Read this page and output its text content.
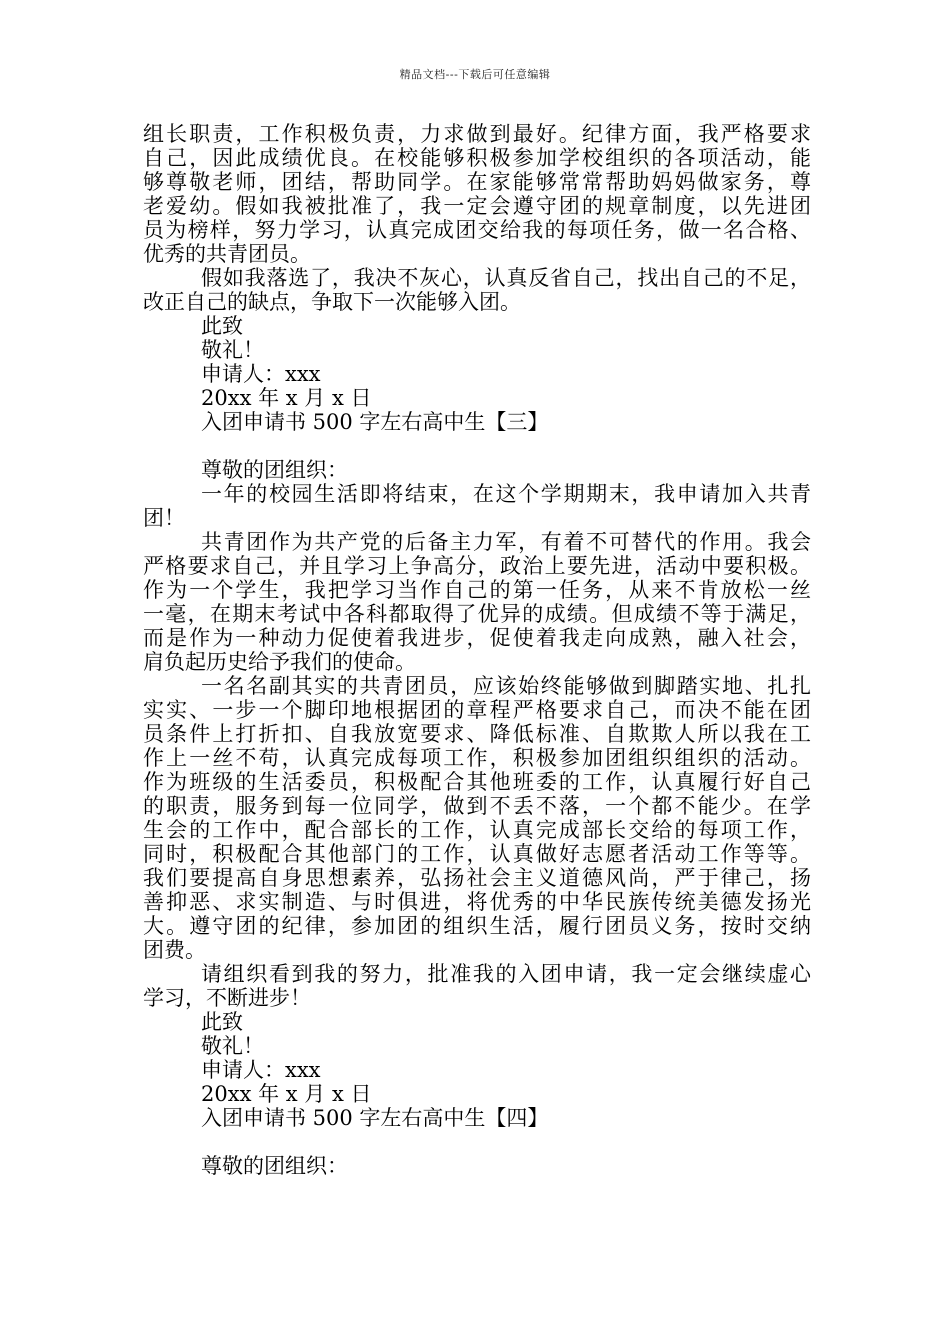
精品文档---下载后可任意编辑
组长职责，工作积极负责，力求做到最好。纪律方面，我严格要求
自己，因此成绩优良。在校能够积极参加学校组织的各项活动，能
够尊敬老师，团结，帮助同学。在家能够常常帮助妈妈做家务，尊
老爱幼。假如我被批准了，我一定会遵守团的规章制度，以先进团
员为榜样，努力学习，认真完成团交给我的每项任务，做一名合格、
优秀的共青团员。
假如我落选了，我决不灰心，认真反省自己，找出自己的不足，
改正自己的缺点，争取下一次能够入团。
此致
敬礼！
申请人：xxx
20xx 年 x 月 x 日
入团申请书 500 字左右高中生【三】
尊敬的团组织：
一年的校园生活即将结束，在这个学期期末，我申请加入共青
团！
共青团作为共产党的后备主力军，有着不可替代的作用。我会
严格要求自己，并且学习上争高分，政治上要先进，活动中要积极。
作为一个学生，我把学习当作自己的第一任务，从来不肯放松一丝
一毫，在期末考试中各科都取得了优异的成绩。但成绩不等于满足，
而是作为一种动力促使着我进步，促使着我走向成熟，融入社会，
肩负起历史给予我们的使命。
一名名副其实的共青团员，应该始终能够做到脚踏实地、扎扎
实实、一步一个脚印地根据团的章程严格要求自己，而决不能在团
员条件上打折扣、自我放宽要求、降低标准、自欺欺人所以我在工
作上一丝不苟，认真完成每项工作，积极参加团组织组织的活动。
作为班级的生活委员，积极配合其他班委的工作，认真履行好自己
的职责，服务到每一位同学，做到不丢不落，一个都不能少。在学
生会的工作中，配合部长的工作，认真完成部长交给的每项工作，
同时，积极配合其他部门的工作，认真做好志愿者活动工作等等。
我们要提高自身思想素养，弘扬社会主义道德风尚，严于律己，扬
善抑恶、求实制造、与时俱进，将优秀的中华民族传统美德发扬光
大。遵守团的纪律，参加团的组织生活，履行团员义务，按时交纳
团费。
请组织看到我的努力，批准我的入团申请，我一定会继续虚心
学习，不断进步！
此致
敬礼！
申请人：xxx
20xx 年 x 月 x 日
入团申请书 500 字左右高中生【四】
尊敬的团组织：
